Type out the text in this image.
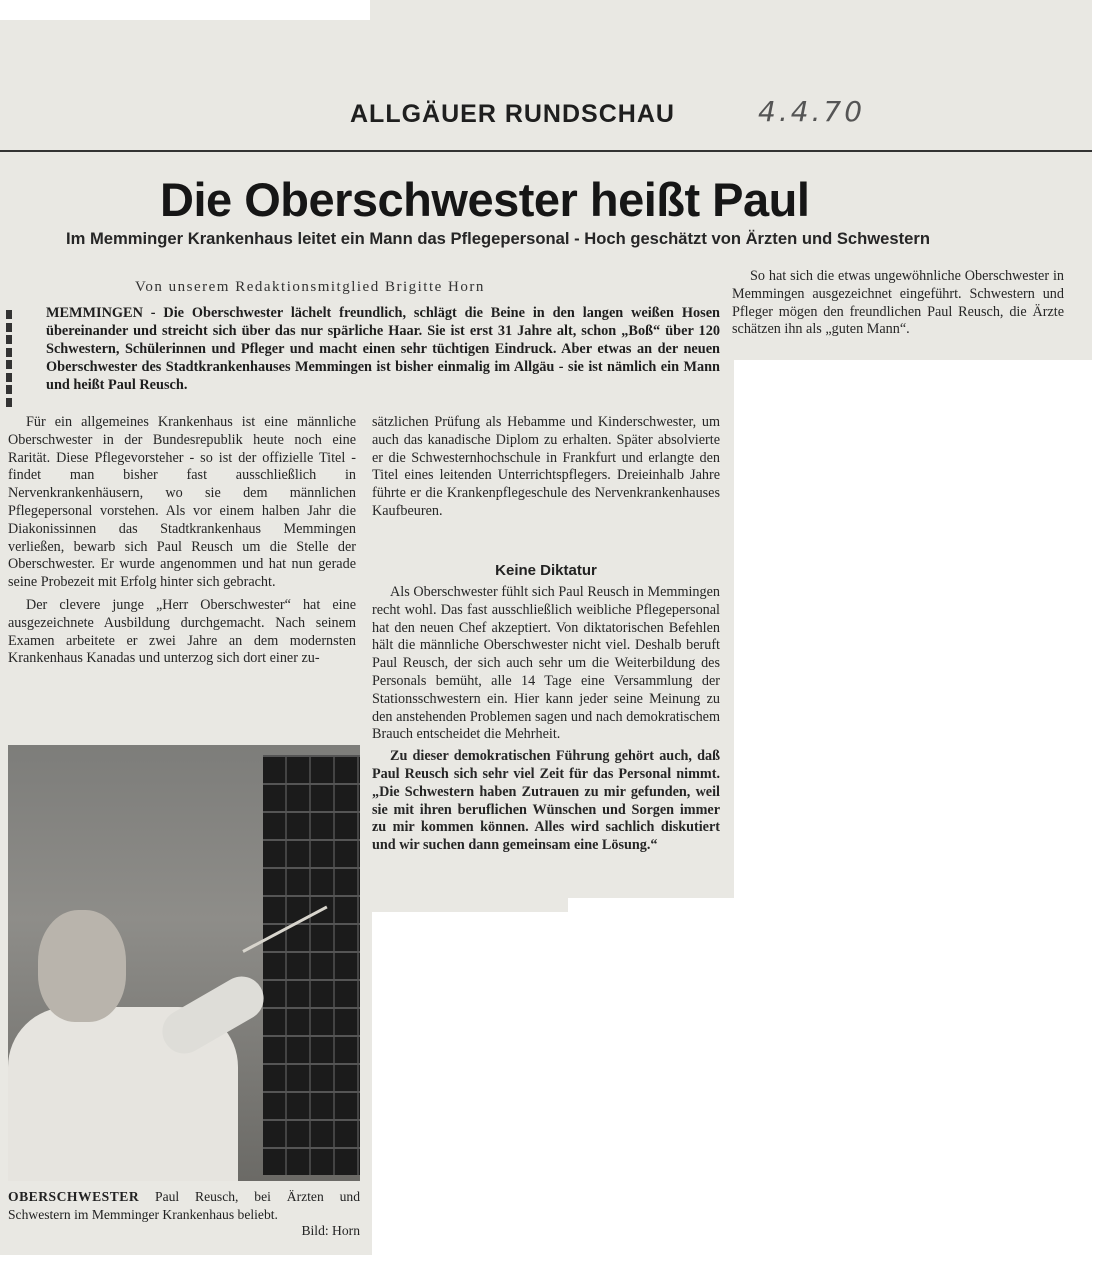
ALLGÄUER RUNDSCHAU	4.4.70
Die Oberschwester heißt Paul
Im Memminger Krankenhaus leitet ein Mann das Pflegepersonal - Hoch geschätzt von Ärzten und Schwestern
Von unserem Redaktionsmitglied Brigitte Horn
MEMMINGEN - Die Oberschwester lächelt freundlich, schlägt die Beine in den langen weißen Hosen übereinander und streicht sich über das nur spärliche Haar. Sie ist erst 31 Jahre alt, schon „Boß“ über 120 Schwestern, Schülerinnen und Pfleger und macht einen sehr tüchtigen Eindruck. Aber etwas an der neuen Oberschwester des Stadtkrankenhauses Memmingen ist bisher einmalig im Allgäu - sie ist nämlich ein Mann und heißt Paul Reusch.

Für ein allgemeines Krankenhaus ist eine männliche Oberschwester in der Bundesrepublik heute noch eine Rarität. Diese Pflegevorsteher - so ist der offizielle Titel - findet man bisher fast ausschließlich in Nervenkrankenhäusern, wo sie dem männlichen Pflegepersonal vorstehen. Als vor einem halben Jahr die Diakonissinnen das Stadtkrankenhaus Memmingen verließen, bewarb sich Paul Reusch um die Stelle der Oberschwester. Er wurde angenommen und hat nun gerade seine Probezeit mit Erfolg hinter sich gebracht.

Der clevere junge „Herr Oberschwester“ hat eine ausgezeichnete Ausbildung durchgemacht. Nach seinem Examen arbeitete er zwei Jahre an dem modernsten Krankenhaus Kanadas und unterzog sich dort einer zu-

sätzlichen Prüfung als Hebamme und Kinderschwester, um auch das kanadische Diplom zu erhalten. Später absolvierte er die Schwesternhochschule in Frankfurt und erlangte den Titel eines leitenden Unterrichtspflegers. Dreieinhalb Jahre führte er die Krankenpflegeschule des Nervenkrankenhauses Kaufbeuren.

Keine Diktatur

Als Oberschwester fühlt sich Paul Reusch in Memmingen recht wohl. Das fast ausschließlich weibliche Pflegepersonal hat den neuen Chef akzeptiert. Von diktatorischen Befehlen hält die männliche Oberschwester nicht viel. Deshalb beruft Paul Reusch, der sich auch sehr um die Weiterbildung des Personals bemüht, alle 14 Tage eine Versammlung der Stationsschwestern ein. Hier kann jeder seine Meinung zu den anstehenden Problemen sagen und nach demokratischem Brauch entscheidet die Mehrheit.

Zu dieser demokratischen Führung gehört auch, daß Paul Reusch sich sehr viel Zeit für das Personal nimmt. „Die Schwestern haben Zutrauen zu mir gefunden, weil sie mit ihren beruflichen Wünschen und Sorgen immer zu mir kommen können. Alles wird sachlich diskutiert und wir suchen dann gemeinsam eine Lösung.“

So hat sich die etwas ungewöhnliche Oberschwester in Memmingen ausgezeichnet eingeführt. Schwestern und Pfleger mögen den freundlichen Paul Reusch, die Ärzte schätzen ihn als „guten Mann“.

OBERSCHWESTER Paul Reusch, bei Ärzten und Schwestern im Memminger Krankenhaus beliebt.
Bild: Horn
